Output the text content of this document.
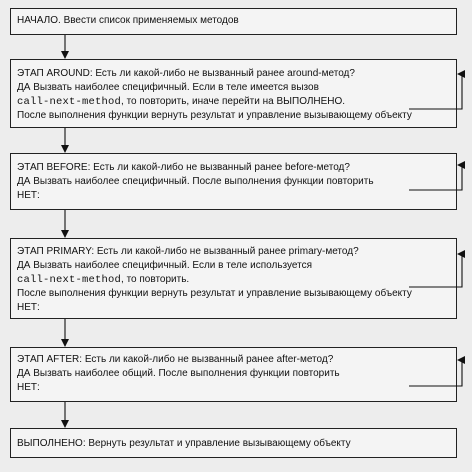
НАЧАЛО. Ввести список применяемых методов
ЭТАП AROUND: Есть ли какой-либо не вызванный ранее around-метод?
ДА Вызвать наиболее специфичный. Если в теле имеется вызов
call-next-method, то повторить, иначе перейти на ВЫПОЛНЕНО.
После выполнения функции вернуть результат и управление вызывающему объекту
ЭТАП BEFORE: Есть ли какой-либо не вызванный ранее before-метод?
ДА Вызвать наиболее специфичный. После выполнения функции повторить
НЕТ:
ЭТАП PRIMARY: Есть ли какой-либо не вызванный ранее primary-метод?
ДА Вызвать наиболее специфичный. Если в теле используется
call-next-method, то повторить.
После выполнения функции вернуть результат и управление вызывающему объекту
НЕТ:
ЭТАП AFTER: Есть ли какой-либо не вызванный ранее after-метод?
ДА Вызвать наиболее общий. После выполнения функции повторить
НЕТ:
ВЫПОЛНЕНО: Вернуть результат и управление вызывающему объекту
